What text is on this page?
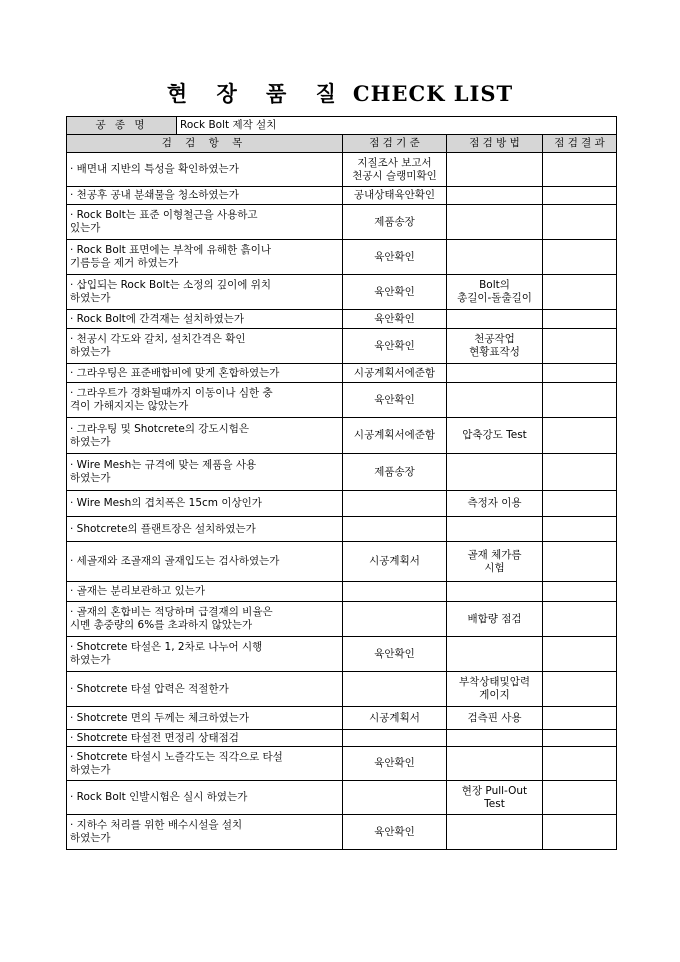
현 장 품 질 CHECK LIST
공 종 명	Rock Bolt 제작 설치			
검 검 항 목		점 검 기 준	점 검 방 법	점 검 결 과
· 배면내 지반의 특성을 확인하였는가		지질조사 보고서
천공시 슬랭미확인		
· 천공후 공내 분쇄물을 청소하였는가		공내상태육안확인		
· Rock Bolt는 표준 이형철근을 사용하고
있는가		제품송장		
· Rock Bolt 표면에는 부착에 유해한 흙이나
기름등을 제거 하였는가		육안확인		
· 삽입되는 Rock Bolt는 소정의 깊이에 위치
하였는가		육안확인	Bolt의
총길이-돌출길이	
· Rock Bolt에 간격재는 설치하였는가		육안확인		
· 천공시 각도와 갈치, 설치간격은 확인
하였는가		육안확인	천공작업
현황표작성	
· 그라우팅은 표준배합비에 맞게 혼합하였는가		시공계획서에준함		
· 그라우트가 경화될때까지 이동이나 심한 충
격이 가해지지는 않았는가		육안확인		
· 그라우팅 및 Shotcrete의 강도시험은
하였는가		시공계획서에준함	압축강도 Test	
· Wire Mesh는 규격에 맞는 제품을 사용
하였는가		제품송장		
· Wire Mesh의 겹치폭은 15cm 이상인가			측정자 이용	
· Shotcrete의 플랜트장은 설치하였는가				
· 세골재와 조골재의 골재입도는 검사하였는가		시공계획서	골재 체가름
시험	
· 골재는 분리보관하고 있는가				
· 골재의 혼합비는 적당하며 급결재의 비율은
시멘 총중량의 6%를 초과하지 않았는가			배합량 점검	
· Shotcrete 타설은 1, 2차로 나누어 시행
하였는가		육안확인		
· Shotcrete 타설 압력은 적절한가			부착상태및압력
게이지	
· Shotcrete 면의 두께는 체크하였는가		시공계획서	검측핀 사용	
· Shotcrete 타설전 면정리 상태점검				
· Shotcrete 타설시 노즐각도는 직각으로 타설
하였는가		육안확인		
· Rock Bolt 인발시험은 실시 하였는가			현장 Pull-Out
Test	
· 지하수 처리를 위한 배수시설을 설치
하였는가		육안확인		
